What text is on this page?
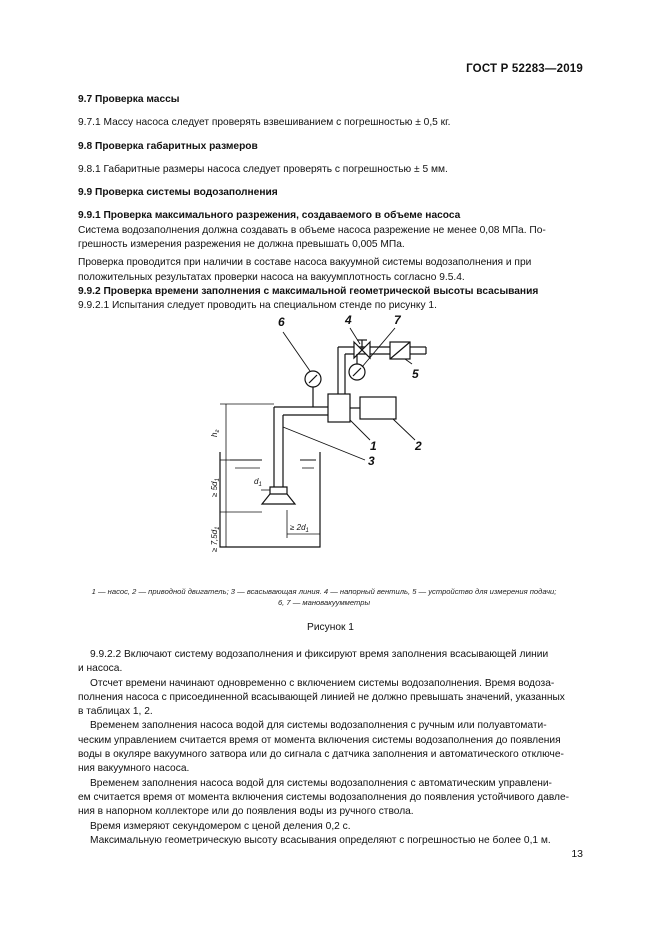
ГОСТ Р 52283—2019

9.7 Проверка массы

9.7.1 Массу насоса следует проверять взвешиванием с погрешностью ± 0,5 кг.

9.8 Проверка габаритных размеров

9.8.1 Габаритные размеры насоса следует проверять с погрешностью ± 5 мм.

9.9 Проверка системы водозаполнения

9.9.1 Проверка максимального разрежения, создаваемого в объеме насоса

Система водозаполнения должна создавать в объеме насоса разрежение не менее 0,08 МПа. По-

грешность измерения разрежения не должна превышать 0,005 МПа.

Проверка проводится при наличии в составе насоса вакуумной системы водозаполнения и при

положительных результатах проверки насоса на вакуумплотность согласно 9.5.4.

9.9.2 Проверка времени заполнения с максимальной геометрической высоты всасывания

9.9.2.1 Испытания следует проводить на специальном стенде по рисунку 1.

6	4	7
5
1	2
3
$h_г$
$d_1$
≥ $5d_1$
≥ $7,5d_1$	≥ $2d_1$
1 — насос, 2 — приводной двигатель; 3 — всасывающая линия. 4 — напорный вентиль, 5 — устройство для измерения подачи;
6, 7 — мановакуумметры
Рисунок 1

9.9.2.2 Включают систему водозаполнения и фиксируют время заполнения всасывающей линии

и насоса.

Отсчет времени начинают одновременно с включением системы водозаполнения. Время водоза-

полнения насоса с присоединенной всасывающей линией не должно превышать значений, указанных

в таблицах 1, 2.

Временем заполнения насоса водой для системы водозаполнения с ручным или полуавтомати-

ческим управлением считается время от момента включения системы водозаполнения до появления

воды в окуляре вакуумного затвора или до сигнала с датчика заполнения и автоматического отключе-

ния вакуумного насоса.

Временем заполнения насоса водой для системы водозаполнения с автоматическим управлени-

ем считается время от момента включения системы водозаполнения до появления устойчивого давле-

ния в напорном коллекторе или до появления воды из ручного ствола.

Время измеряют секундомером с ценой деления 0,2 с.

Максимальную геометрическую высоту всасывания определяют с погрешностью не более 0,1 м.

13
